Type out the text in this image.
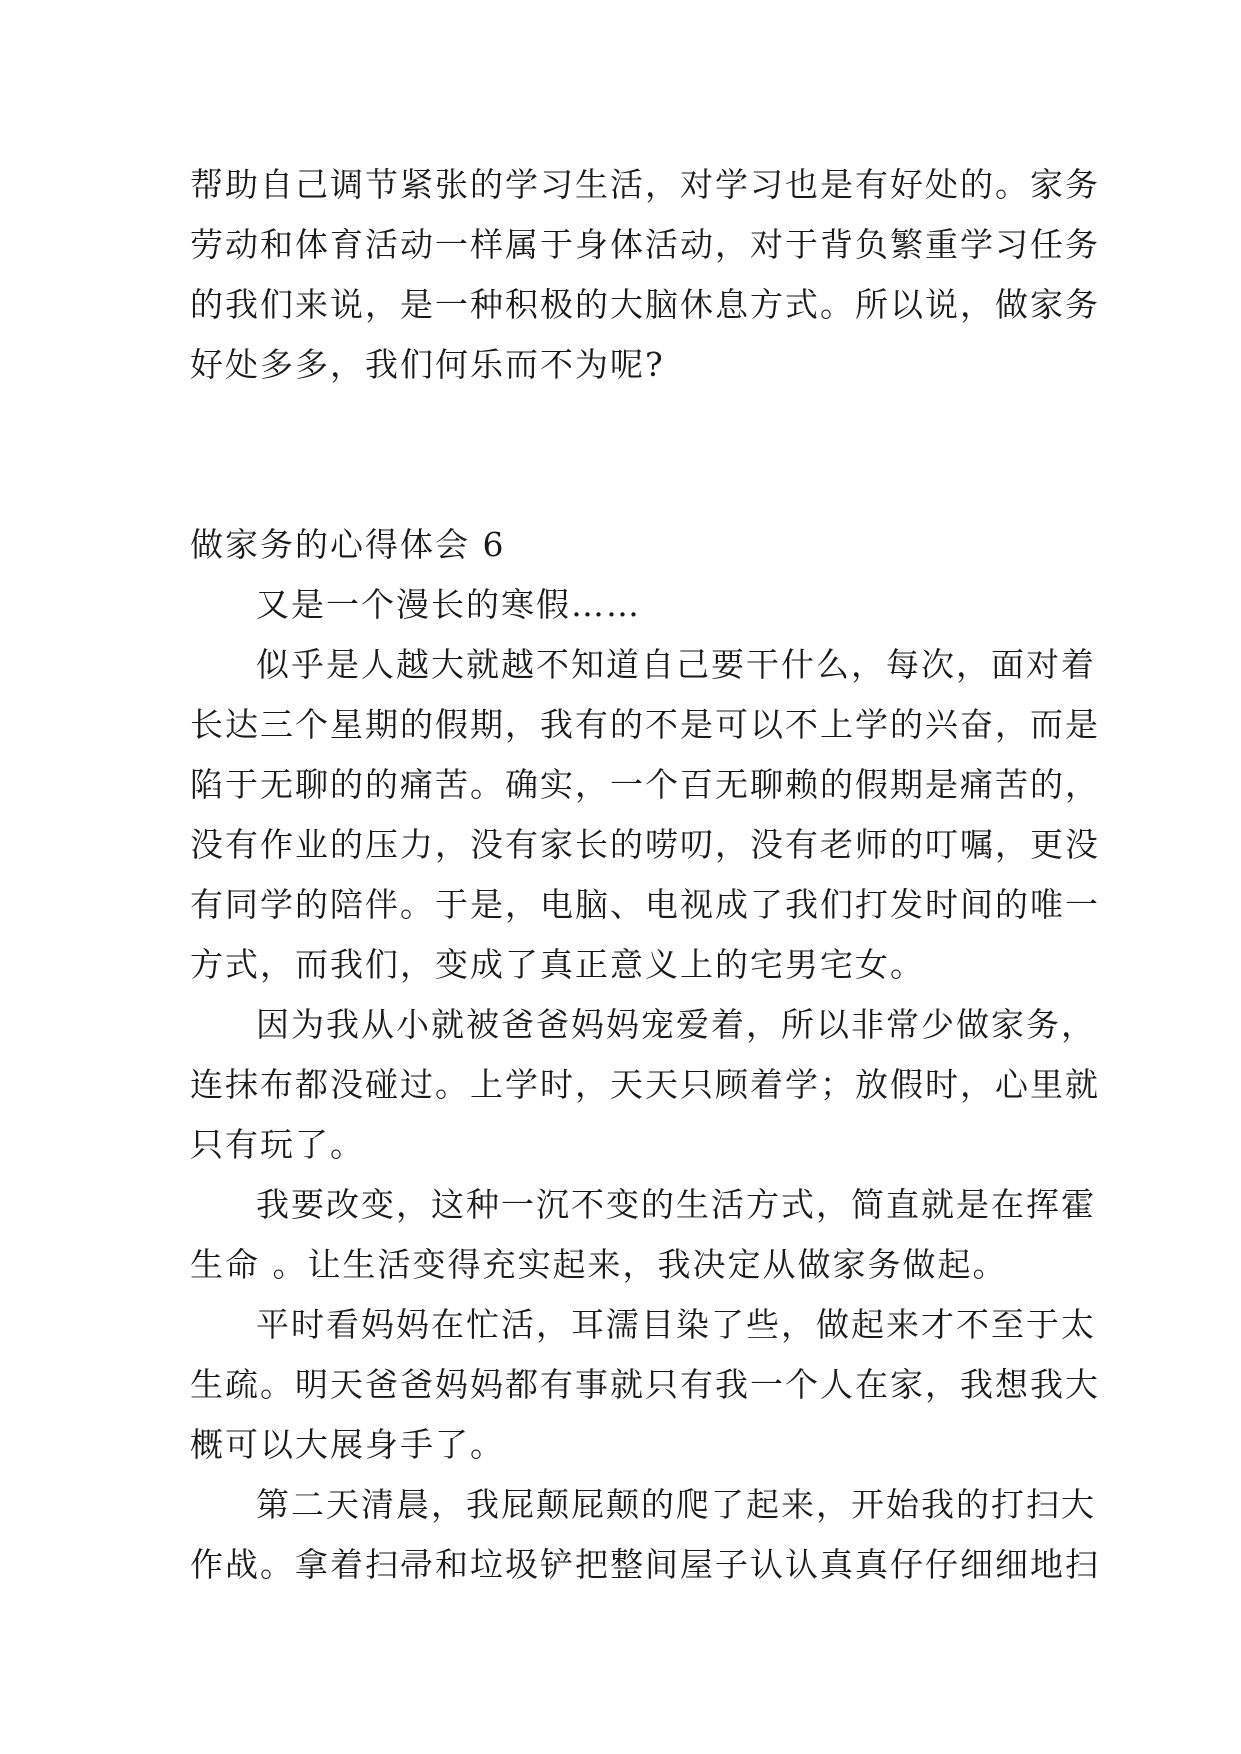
帮助自己调节紧张的学习生活，对学习也是有好处的。家务
劳动和体育活动一样属于身体活动，对于背负繁重学习任务
的我们来说，是一种积极的大脑休息方式。所以说，做家务
好处多多，我们何乐而不为呢?
做家务的心得体会 6
又是一个漫长的寒假……
似乎是人越大就越不知道自己要干什么，每次，面对着
长达三个星期的假期，我有的不是可以不上学的兴奋，而是
陷于无聊的的痛苦。确实，一个百无聊赖的假期是痛苦的，
没有作业的压力，没有家长的唠叨，没有老师的叮嘱，更没
有同学的陪伴。于是，电脑、电视成了我们打发时间的唯一
方式，而我们，变成了真正意义上的宅男宅女。
因为我从小就被爸爸妈妈宠爱着，所以非常少做家务，
连抹布都没碰过。上学时，天天只顾着学；放假时，心里就
只有玩了。
我要改变，这种一沉不变的生活方式，简直就是在挥霍
生命 。让生活变得充实起来，我决定从做家务做起。
平时看妈妈在忙活，耳濡目染了些，做起来才不至于太
生疏。明天爸爸妈妈都有事就只有我一个人在家，我想我大
概可以大展身手了。
第二天清晨，我屁颠屁颠的爬了起来，开始我的打扫大
作战。拿着扫帚和垃圾铲把整间屋子认认真真仔仔细细地扫
